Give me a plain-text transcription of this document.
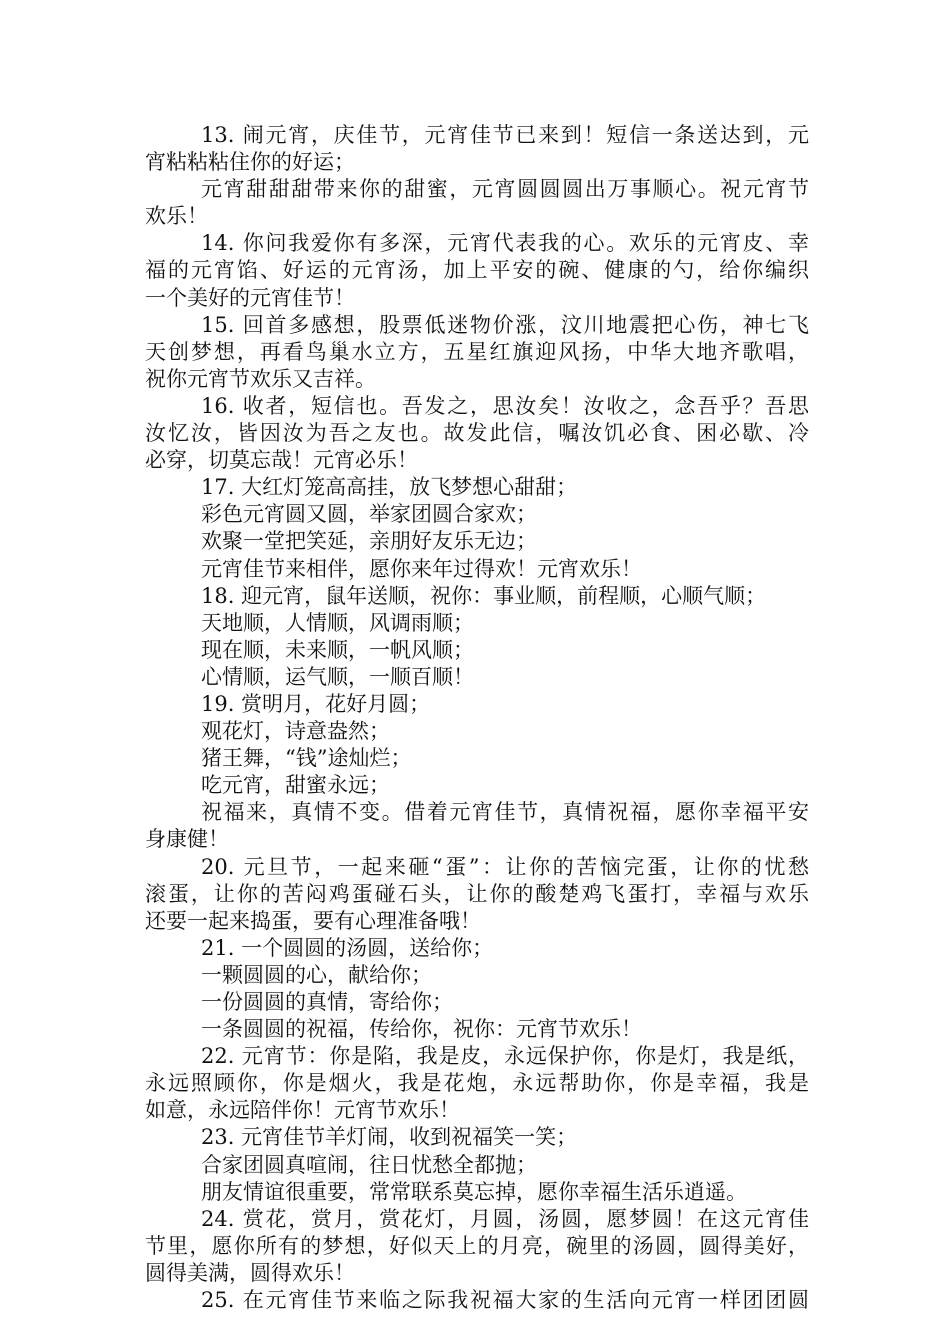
13. 闹元宵，庆佳节，元宵佳节已来到！短信一条送达到，元
宵粘粘粘住你的好运；
元宵甜甜甜带来你的甜蜜，元宵圆圆圆出万事顺心。祝元宵节
欢乐！
14. 你问我爱你有多深，元宵代表我的心。欢乐的元宵皮、幸
福的元宵馅、好运的元宵汤，加上平安的碗、健康的勺，给你编织
一个美好的元宵佳节！
15. 回首多感想，股票低迷物价涨，汶川地震把心伤，神七飞
天创梦想，再看鸟巢水立方，五星红旗迎风扬，中华大地齐歌唱，
祝你元宵节欢乐又吉祥。
16. 收者，短信也。吾发之，思汝矣！汝收之，念吾乎？吾思
汝忆汝，皆因汝为吾之友也。故发此信，嘱汝饥必食、困必歇、冷
必穿，切莫忘哉！元宵必乐！
17. 大红灯笼高高挂，放飞梦想心甜甜；
彩色元宵圆又圆，举家团圆合家欢；
欢聚一堂把笑延，亲朋好友乐无边；
元宵佳节来相伴，愿你来年过得欢！元宵欢乐！
18. 迎元宵，鼠年送顺，祝你：事业顺，前程顺，心顺气顺；
天地顺，人情顺，风调雨顺；
现在顺，未来顺，一帆风顺；
心情顺，运气顺，一顺百顺！
19. 赏明月，花好月圆；
观花灯，诗意盎然；
猪王舞，“钱”途灿烂；
吃元宵，甜蜜永远；
祝福来，真情不变。借着元宵佳节，真情祝福，愿你幸福平安
身康健！
20. 元旦节，一起来砸“蛋”：让你的苦恼完蛋，让你的忧愁
滚蛋，让你的苦闷鸡蛋碰石头，让你的酸楚鸡飞蛋打，幸福与欢乐
还要一起来捣蛋，要有心理准备哦！
21. 一个圆圆的汤圆，送给你；
一颗圆圆的心，献给你；
一份圆圆的真情，寄给你；
一条圆圆的祝福，传给你，祝你：元宵节欢乐！
22. 元宵节：你是陷，我是皮，永远保护你，你是灯，我是纸，
永远照顾你，你是烟火，我是花炮，永远帮助你，你是幸福，我是
如意，永远陪伴你！元宵节欢乐！
23. 元宵佳节羊灯闹，收到祝福笑一笑；
合家团圆真喧闹，往日忧愁全都抛；
朋友情谊很重要，常常联系莫忘掉，愿你幸福生活乐逍遥。
24. 赏花，赏月，赏花灯，月圆，汤圆，愿梦圆！在这元宵佳
节里，愿你所有的梦想，好似天上的月亮，碗里的汤圆，圆得美好，
圆得美满，圆得欢乐！
25. 在元宵佳节来临之际我祝福大家的生活向元宵一样团团圆
